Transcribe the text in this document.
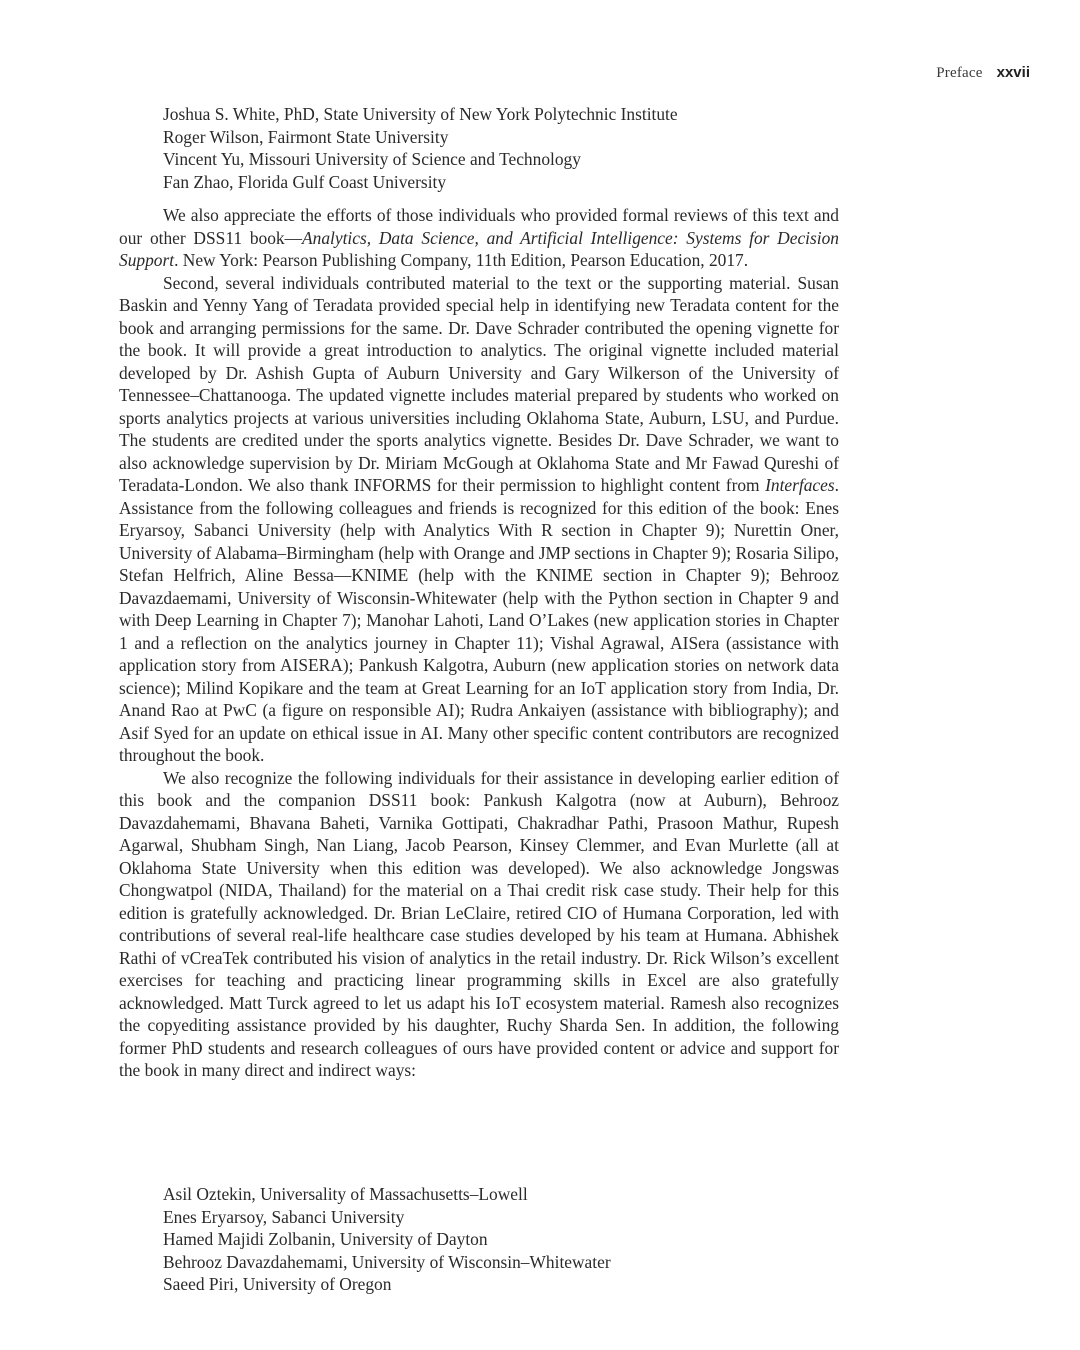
Preface xxvii
Joshua S. White, PhD, State University of New York Polytechnic Institute
Roger Wilson, Fairmont State University
Vincent Yu, Missouri University of Science and Technology
Fan Zhao, Florida Gulf Coast University

We also appreciate the efforts of those individuals who provided formal reviews of this text and our other DSS11 book—Analytics, Data Science, and Artificial Intelligence: Systems for Decision Support. New York: Pearson Publishing Company, 11th Edition, Pearson Education, 2017.

Second, several individuals contributed material to the text or the supporting material. Susan Baskin and Yenny Yang of Teradata provided special help in identifying new Teradata content for the book and arranging permissions for the same. Dr. Dave Schrader contributed the opening vignette for the book. It will provide a great introduction to analytics. The original vignette included material developed by Dr. Ashish Gupta of Auburn University and Gary Wilkerson of the University of Tennessee–Chattanooga. The updated vignette includes material prepared by students who worked on sports analytics projects at various universities including Oklahoma State, Auburn, LSU, and Purdue. The students are credited under the sports analytics vignette. Besides Dr. Dave Schrader, we want to also acknowledge supervision by Dr. Miriam McGough at Oklahoma State and Mr Fawad Qureshi of Teradata-London. We also thank INFORMS for their permission to highlight content from Interfaces. Assistance from the following colleagues and friends is recognized for this edition of the book: Enes Eryarsoy, Sabanci University (help with Analytics With R section in Chapter 9); Nurettin Oner, University of Alabama–Birmingham (help with Orange and JMP sections in Chapter 9); Rosaria Silipo, Stefan Helfrich, Aline Bessa—KNIME (help with the KNIME section in Chapter 9); Behrooz Davazdaemami, University of Wisconsin-Whitewater (help with the Python section in Chapter 9 and with Deep Learning in Chapter 7); Manohar Lahoti, Land O’Lakes (new application stories in Chapter 1 and a reflection on the analytics journey in Chapter 11); Vishal Agrawal, AISera (assistance with application story from AISERA); Pankush Kalgotra, Auburn (new application stories on network data science); Milind Kopikare and the team at Great Learning for an IoT application story from India, Dr. Anand Rao at PwC (a figure on responsible AI); Rudra Ankaiyen (assistance with bibliography); and Asif Syed for an update on ethical issue in AI. Many other specific content contributors are recognized throughout the book.

We also recognize the following individuals for their assistance in developing earlier edition of this book and the companion DSS11 book: Pankush Kalgotra (now at Auburn), Behrooz Davazdahemami, Bhavana Baheti, Varnika Gottipati, Chakradhar Pathi, Prasoon Mathur, Rupesh Agarwal, Shubham Singh, Nan Liang, Jacob Pearson, Kinsey Clemmer, and Evan Murlette (all at Oklahoma State University when this edition was developed). We also acknowledge Jongswas Chongwatpol (NIDA, Thailand) for the material on a Thai credit risk case study. Their help for this edition is gratefully acknowledged. Dr. Brian LeClaire, retired CIO of Humana Corporation, led with contributions of several real-life healthcare case studies developed by his team at Humana. Abhishek Rathi of vCreaTek contributed his vision of analytics in the retail industry. Dr. Rick Wilson’s excellent exercises for teaching and practicing linear programming skills in Excel are also gratefully acknowledged. Matt Turck agreed to let us adapt his IoT ecosystem material. Ramesh also recognizes the copyediting assistance provided by his daughter, Ruchy Sharda Sen. In addition, the following former PhD students and research colleagues of ours have provided content or advice and support for the book in many direct and indirect ways:

Asil Oztekin, Universality of Massachusetts–Lowell
Enes Eryarsoy, Sabanci University
Hamed Majidi Zolbanin, University of Dayton
Behrooz Davazdahemami, University of Wisconsin–Whitewater
Saeed Piri, University of Oregon
